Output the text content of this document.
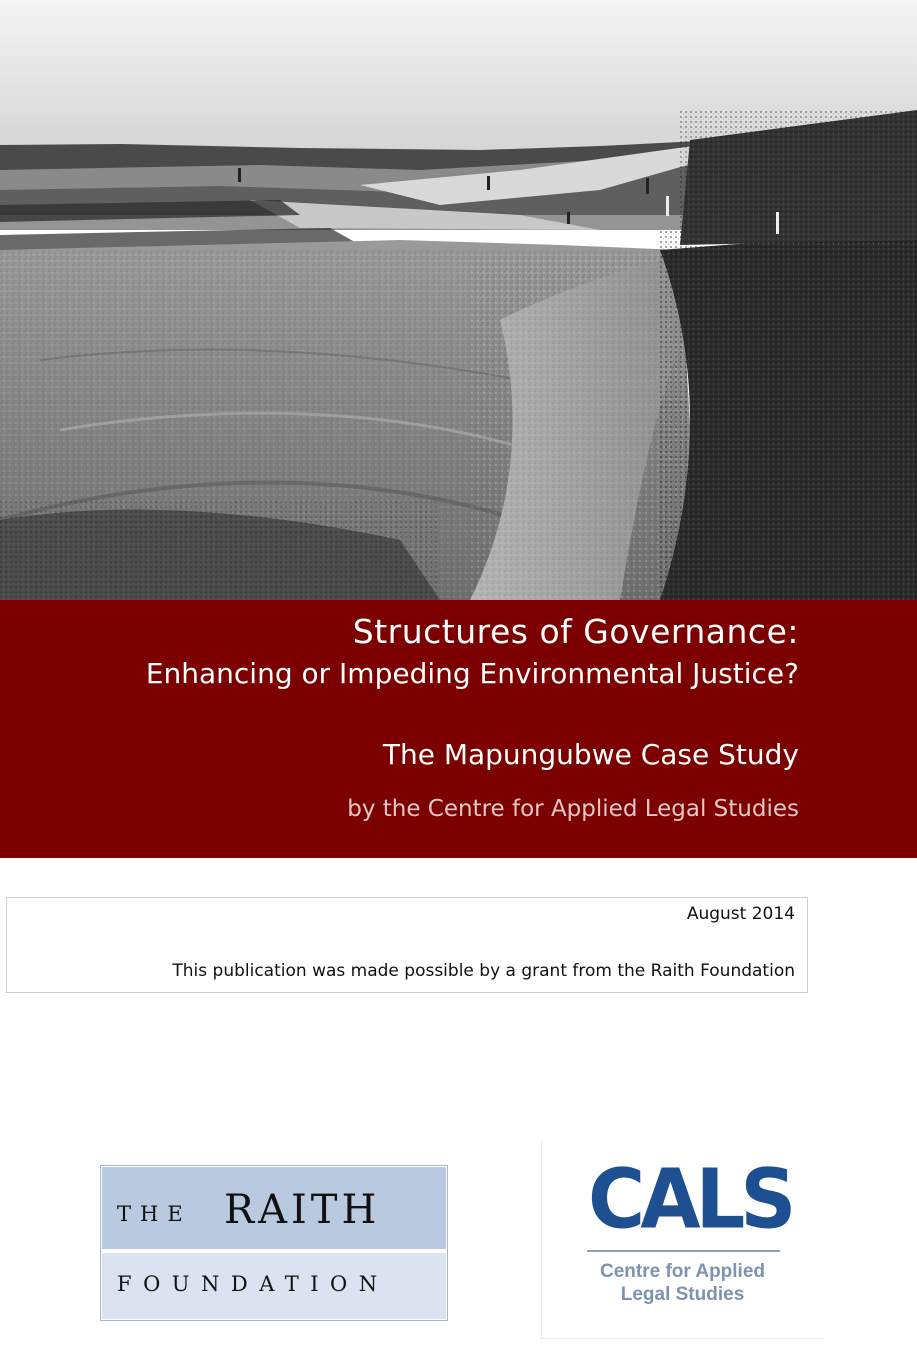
Structures of Governance:
Enhancing or Impeding Environmental Justice?
The Mapungubwe Case Study
by the Centre for Applied Legal Studies
August 2014
This publication was made possible by a grant from the Raith Foundation
THE RAITH
FOUNDATION
CALS
Centre for Applied
Legal Studies
